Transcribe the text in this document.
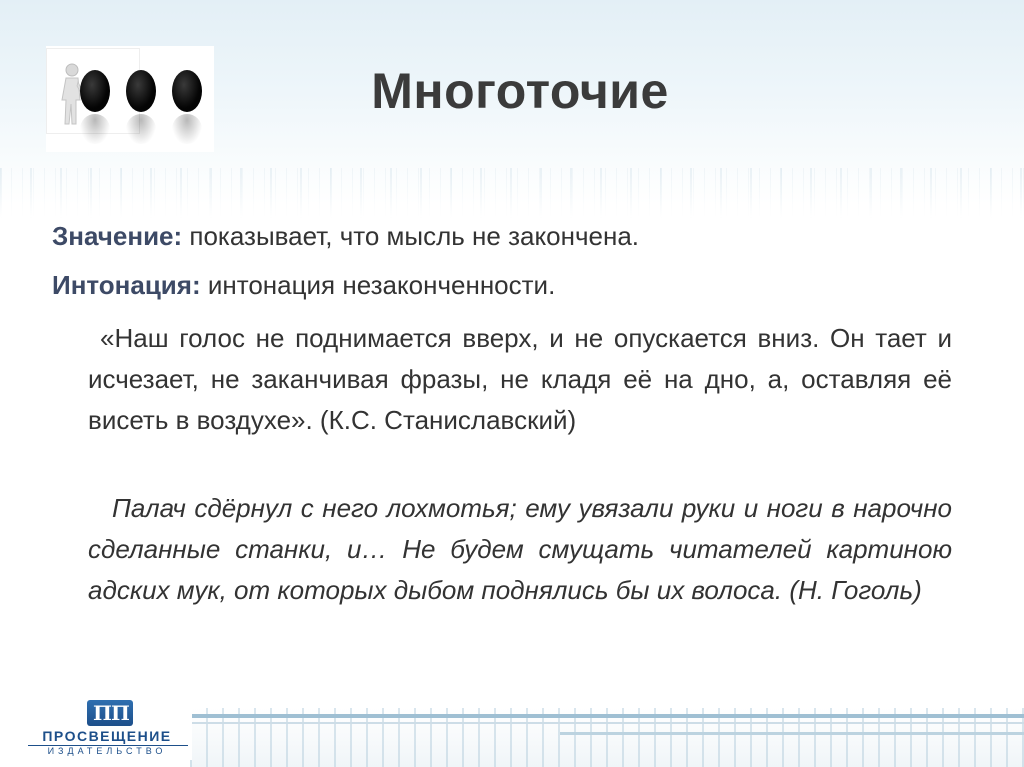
Многоточие
Значение: показывает, что мысль не закончена.
Интонация: интонация незаконченности.
«Наш голос не поднимается вверх, и не опускается вниз. Он тает и исчезает, не заканчивая фразы, не кладя её на дно, а, оставляя её висеть в воздухе». (К.С. Станиславский)
Палач сдёрнул с него лохмотья; ему увязали руки и ноги в нарочно сделанные станки, и… Не будем смущать читателей картиною адских мук, от которых дыбом поднялись бы их волоса. (Н. Гоголь)
П П
ПРОСВЕЩЕНИЕ
ИЗДАТЕЛЬСТВО
